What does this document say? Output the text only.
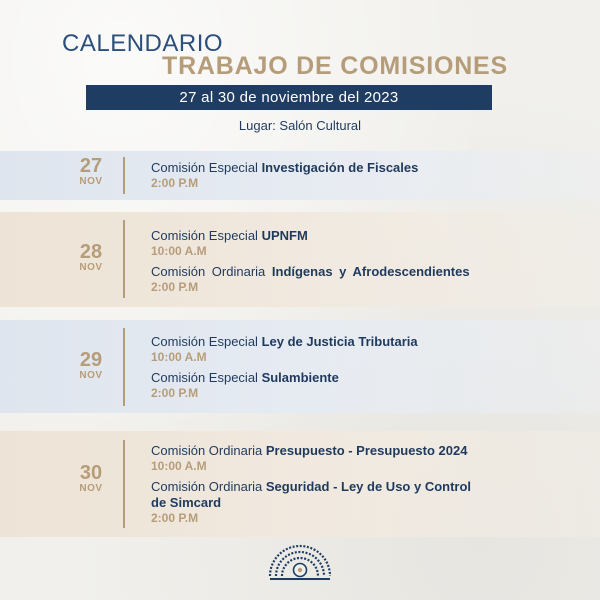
CALENDARIO
TRABAJO DE COMISIONES
27 al 30 de noviembre del 2023
Lugar: Salón Cultural
27
NOV
Comisión Especial Investigación de Fiscales
2:00 P.M
28
NOV
Comisión Especial UPNFM
10:00 A.M
Comisión Ordinaria Indígenas y Afrodescendientes
2:00 P.M
29
NOV
Comisión Especial Ley de Justicia Tributaria
10:00 A.M
Comisión Especial Sulambiente
2:00 P.M
30
NOV
Comisión Ordinaria Presupuesto - Presupuesto 2024
10:00 A.M
Comisión Ordinaria Seguridad - Ley de Uso y Control de Simcard
2:00 P.M
